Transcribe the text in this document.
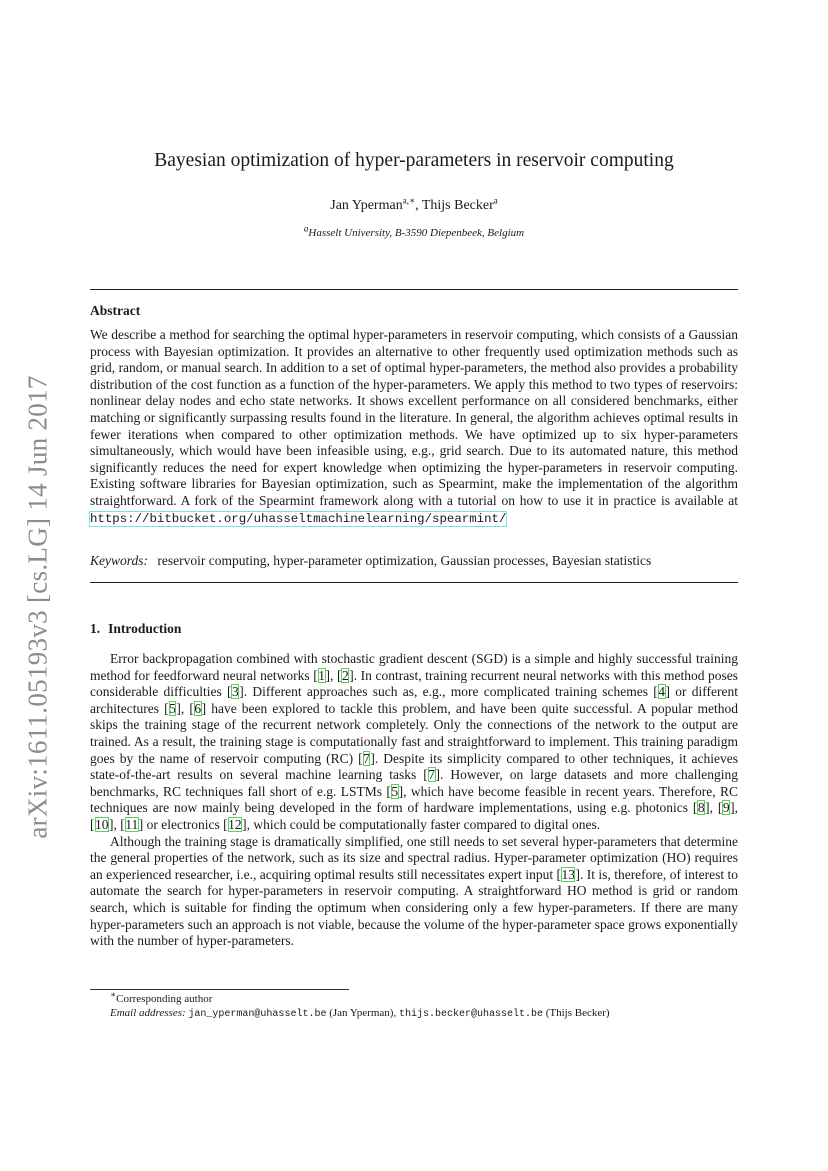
arXiv:1611.05193v3 [cs.LG] 14 Jun 2017
Bayesian optimization of hyper-parameters in reservoir computing
Jan Yperman$^{a,∗}$, Thijs Becker$^a$
$^a$Hasselt University, B-3590 Diepenbeek, Belgium
Abstract
We describe a method for searching the optimal hyper-parameters in reservoir computing, which consists of a Gaussian process with Bayesian optimization. It provides an alternative to other frequently used optimization methods such as grid, random, or manual search. In addition to a set of optimal hyper-parameters, the method also provides a probability distribution of the cost function as a function of the hyper-parameters. We apply this method to two types of reservoirs: nonlinear delay nodes and echo state networks. It shows excellent performance on all considered benchmarks, either matching or significantly surpassing results found in the literature. In general, the algorithm achieves optimal results in fewer iterations when compared to other optimization methods. We have optimized up to six hyper-parameters simultaneously, which would have been infeasible using, e.g., grid search. Due to its automated nature, this method significantly reduces the need for expert knowledge when optimizing the hyper-parameters in reservoir computing. Existing software libraries for Bayesian optimization, such as Spearmint, make the implementation of the algorithm straightforward. A fork of the Spearmint framework along with a tutorial on how to use it in practice is available at https://bitbucket.org/uhasseltmachinelearning/spearmint/
Keywords: reservoir computing, hyper-parameter optimization, Gaussian processes, Bayesian statistics
1. Introduction

Error backpropagation combined with stochastic gradient descent (SGD) is a simple and highly successful training method for feedforward neural networks [1], [2]. In contrast, training recurrent neural networks with this method poses considerable difficulties [3]. Different approaches such as, e.g., more complicated training schemes [4] or different architectures [5], [6] have been explored to tackle this problem, and have been quite successful. A popular method skips the training stage of the recurrent network completely. Only the connections of the network to the output are trained. As a result, the training stage is computationally fast and straightforward to implement. This training paradigm goes by the name of reservoir computing (RC) [7]. Despite its simplicity compared to other techniques, it achieves state-of-the-art results on several machine learning tasks [7]. However, on large datasets and more challenging benchmarks, RC techniques fall short of e.g. LSTMs [5], which have become feasible in recent years. Therefore, RC techniques are now mainly being developed in the form of hardware implementations, using e.g. photonics [8], [9], [10], [11] or electronics [12], which could be computationally faster compared to digital ones.

Although the training stage is dramatically simplified, one still needs to set several hyper-parameters that determine the general properties of the network, such as its size and spectral radius. Hyper-parameter optimization (HO) requires an experienced researcher, i.e., acquiring optimal results still necessitates expert input [13]. It is, therefore, of interest to automate the search for hyper-parameters in reservoir computing. A straightforward HO method is grid or random search, which is suitable for finding the optimum when considering only a few hyper-parameters. If there are many hyper-parameters such an approach is not viable, because the volume of the hyper-parameter space grows exponentially with the number of hyper-parameters.

∗Corresponding author
Email addresses: jan_yperman@uhasselt.be (Jan Yperman), thijs.becker@uhasselt.be (Thijs Becker)
